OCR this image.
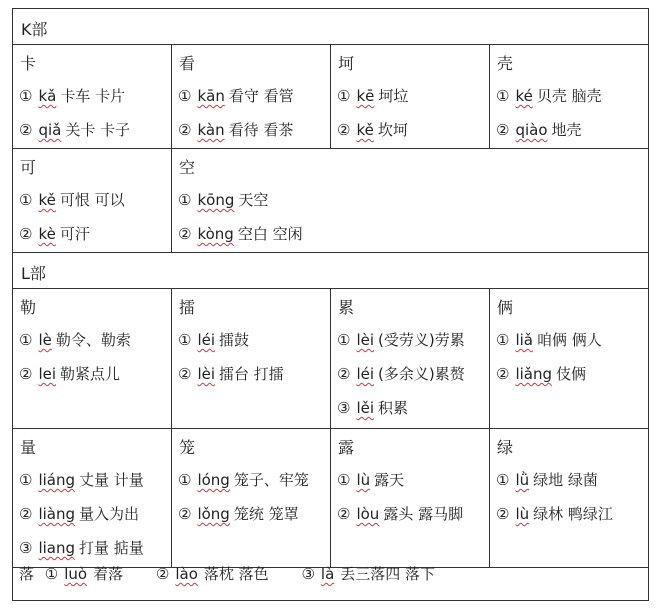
K部
卡
① kǎ 卡车 卡片
② qiǎ 关卡 卡子
看
① kān 看守 看管
② kàn 看待 看茶
坷
① kē 坷垃
② kě 坎坷
壳
① ké 贝壳 脑壳
② qiào 地壳
可
① kě 可恨 可以
② kè 可汗
空
① kōng 天空
② kòng 空白 空闲
L部
勒
① lè 勒令、勒索
② lei 勒紧点儿
擂
① léi 擂鼓
② lèi 擂台 打擂
累
① lèi (受劳义)劳累
② léi (多余义)累赘
③ lěi 积累
俩
① liǎ 咱俩 俩人
② liǎng 伎俩
量
① liáng 丈量 计量
② liàng 量入为出
③ liang 打量 掂量
笼
① lóng 笼子、牢笼
② lǒng 笼统 笼罩
露
① lù 露天
② lòu 露头 露马脚
绿
① lǜ 绿地 绿菌
② lù 绿林 鸭绿江
落 ① luò 着落 ② lào 落枕 落色 ③ là 丢三落四 落下
